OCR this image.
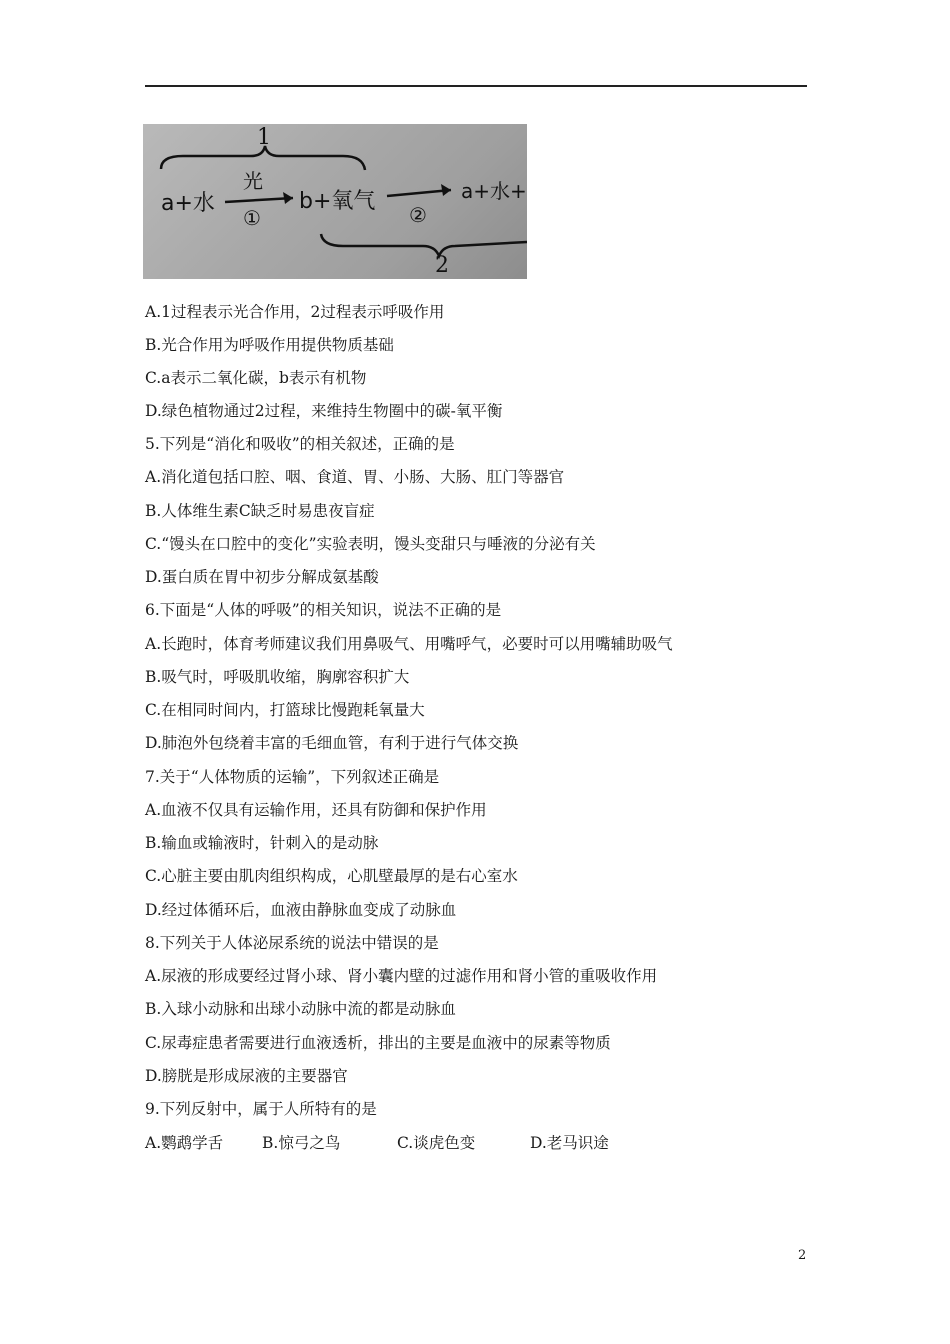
1
a+水
光
①
b+氧气
②
a+水+
2
A.1过程表示光合作用，2过程表示呼吸作用
B.光合作用为呼吸作用提供物质基础
C.a表示二氧化碳，b表示有机物
D.绿色植物通过2过程，来维持生物圈中的碳-氧平衡
5.下列是“消化和吸收”的相关叙述，正确的是
A.消化道包括口腔、咽、食道、胃、小肠、大肠、肛门等器官
B.人体维生素C缺乏时易患夜盲症
C.“馒头在口腔中的变化”实验表明，馒头变甜只与唾液的分泌有关
D.蛋白质在胃中初步分解成氨基酸
6.下面是“人体的呼吸”的相关知识，说法不正确的是
A.长跑时，体育考师建议我们用鼻吸气、用嘴呼气，必要时可以用嘴辅助吸气
B.吸气时，呼吸肌收缩，胸廓容积扩大
C.在相同时间内，打篮球比慢跑耗氧量大
D.肺泡外包绕着丰富的毛细血管，有利于进行气体交换
7.关于“人体物质的运输”，下列叙述正确是
A.血液不仅具有运输作用，还具有防御和保护作用
B.输血或输液时，针刺入的是动脉
C.心脏主要由肌肉组织构成，心肌壁最厚的是右心室水
D.经过体循环后，血液由静脉血变成了动脉血
8.下列关于人体泌尿系统的说法中错误的是
A.尿液的形成要经过肾小球、肾小囊内壁的过滤作用和肾小管的重吸收作用
B.入球小动脉和出球小动脉中流的都是动脉血
C.尿毒症患者需要进行血液透析，排出的主要是血液中的尿素等物质
D.膀胱是形成尿液的主要器官
9.下列反射中，属于人所特有的是
A.鹦鹉学舌	B.惊弓之鸟	C.谈虎色变	D.老马识途
2
